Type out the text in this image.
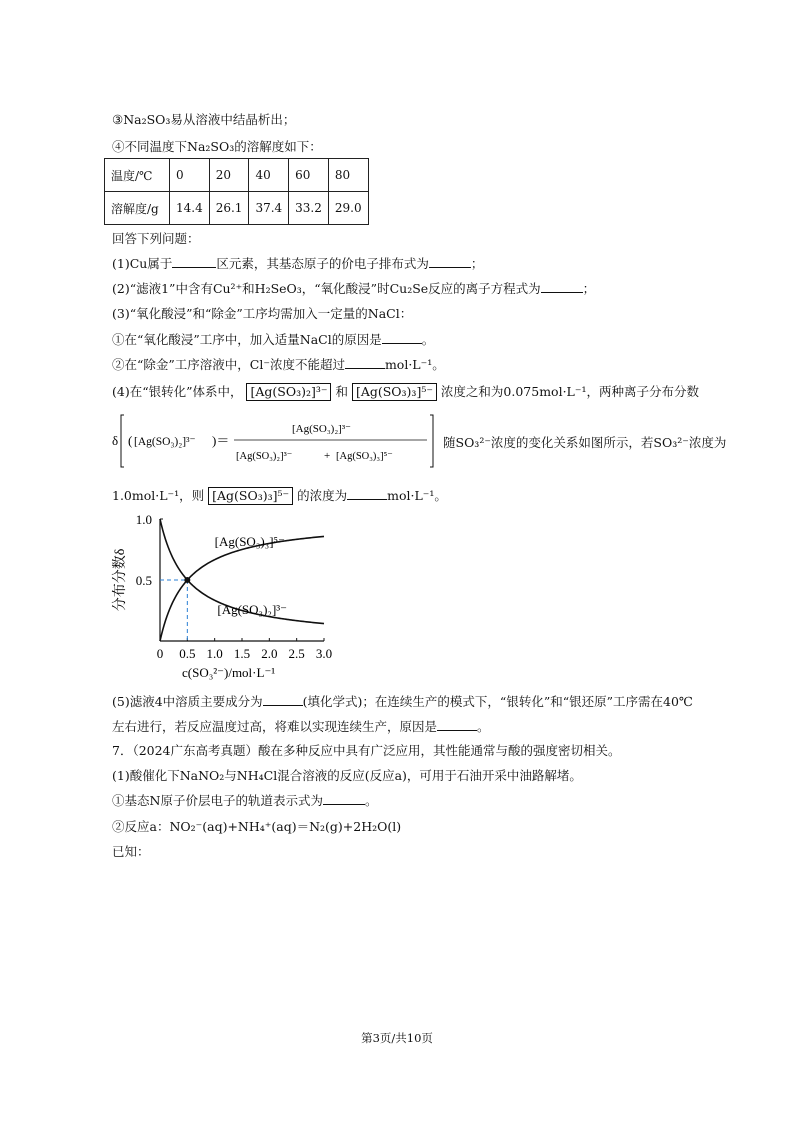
③Na₂SO₃易从溶液中结晶析出；
④不同温度下Na₂SO₃的溶解度如下：
温度/℃	0	20	40	60	80
溶解度/g	14.4	26.1	37.4	33.2	29.0
回答下列问题：
(1)Cu属于	区元素，其基态原子的价电子排布式为	；
(2)“滤液1”中含有Cu²⁺和H₂SeO₃，“氧化酸浸”时Cu₂Se反应的离子方程式为	；
(3)“氧化酸浸”和“除金”工序均需加入一定量的NaCl：
①在“氧化酸浸”工序中，加入适量NaCl的原因是	。
②在“除金”工序溶液中，Cl⁻浓度不能超过	mol·L⁻¹。
(4)在“银转化”体系中， [Ag(SO₃)₂]³⁻ 和 [Ag(SO₃)₃]⁵⁻ 浓度之和为0.075mol·L⁻¹，两种离子分布分数
δ ( [Ag(SO₃)₂]³⁻ )＝
[Ag(SO₃)₂]³⁻
[Ag(SO₃)₂]³⁻	+ [Ag(SO₃)₃]⁵⁻
随SO₃²⁻浓度的变化关系如图所示，若SO₃²⁻浓度为
1.0mol·L⁻¹，则 [Ag(SO₃)₃]⁵⁻ 的浓度为	mol·L⁻¹。
0 0.5 1.0 1.5 2.0 2.5 3.0
1.0
0.5
c(SO₃²⁻)/mol·L⁻¹
分布分数δ
[Ag(SO₃)₃]⁵⁻
[Ag(SO₃)₂]³⁻
(5)滤液4中溶质主要成分为	(填化学式)；在连续生产的模式下，“银转化”和“银还原”工序需在40℃
左右进行，若反应温度过高，将难以实现连续生产，原因是	。
7．（2024广东高考真题）酸在多种反应中具有广泛应用，其性能通常与酸的强度密切相关。
(1)酸催化下NaNO₂与NH₄Cl混合溶液的反应(反应a)，可用于石油开采中油路解堵。
①基态N原子价层电子的轨道表示式为	。
②反应a：NO₂⁻(aq)+NH₄⁺(aq)＝N₂(g)+2H₂O(l)
已知：
第3页/共10页
